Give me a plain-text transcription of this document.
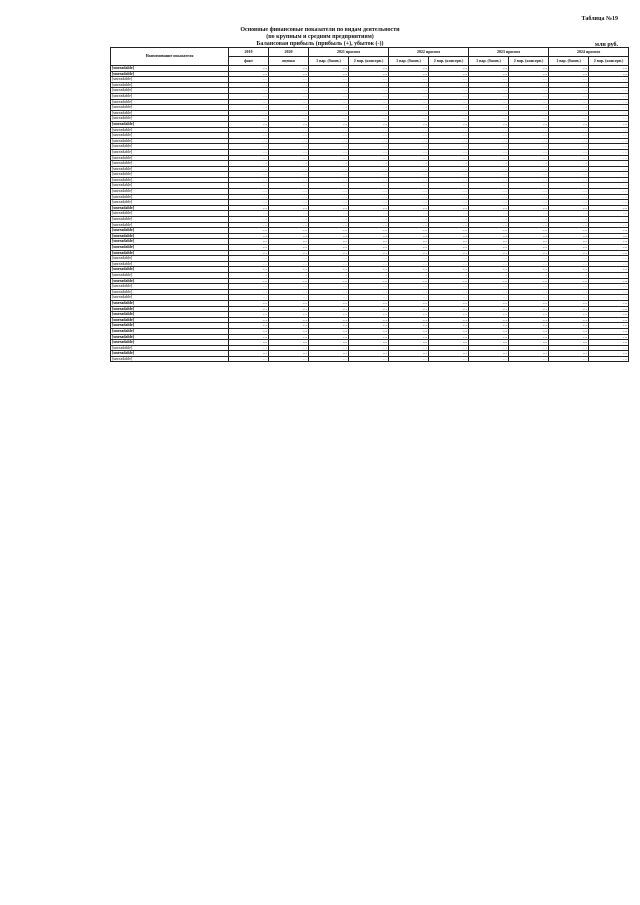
Таблица №19
Основные финансовые показатели по видам деятельности
(по крупным и средним предприятиям)
Балансовая прибыль (прибыль (+), убыток (-))	млн руб.
Наименование показателя	2019	2020	2021 прогноз		2022 прогноз		2023 прогноз		2024 прогноз	
	факт	оценка	1 вар. (базов.)	2 вар. (консерв.)	1 вар. (базов.)	2 вар. (консерв.)	1 вар. (базов.)	2 вар. (консерв.)	1 вар. (базов.)	2 вар. (консерв.)
[unreadable]	…	…	…	…	…	…	…	…	…	…
[unreadable]	…	…	…	…	…	…	…	…	…	…
[unreadable]	…	…	…	…	…	…	…	…	…	…
[unreadable]	…	…	…	…	…	…	…	…	…	…
[unreadable]	…	…	…	…	…	…	…	…	…	…
[unreadable]	…	…	…	…	…	…	…	…	…	…
[unreadable]	…	…	…	…	…	…	…	…	…	…
[unreadable]	…	…	…	…	…	…	…	…	…	…
[unreadable]	…	…	…	…	…	…	…	…	…	…
[unreadable]	…	…	…	…	…	…	…	…	…	…
[unreadable]	…	…	…	…	…	…	…	…	…	…
[unreadable]	…	…	…	…	…	…	…	…	…	…
[unreadable]	…	…	…	…	…	…	…	…	…	…
[unreadable]	…	…	…	…	…	…	…	…	…	…
[unreadable]	…	…	…	…	…	…	…	…	…	…
[unreadable]	…	…	…	…	…	…	…	…	…	…
[unreadable]	…	…	…	…	…	…	…	…	…	…
[unreadable]	…	…	…	…	…	…	…	…	…	…
[unreadable]	…	…	…	…	…	…	…	…	…	…
[unreadable]	…	…	…	…	…	…	…	…	…	…
[unreadable]	…	…	…	…	…	…	…	…	…	…
[unreadable]	…	…	…	…	…	…	…	…	…	…
[unreadable]	…	…	…	…	…	…	…	…	…	…
[unreadable]	…	…	…	…	…	…	…	…	…	…
[unreadable]	…	…	…	…	…	…	…	…	…	…
[unreadable]	…	…	…	…	…	…	…	…	…	…
[unreadable]	…	…	…	…	…	…	…	…	…	…
[unreadable]	…	…	…	…	…	…	…	…	…	…
[unreadable]	…	…	…	…	…	…	…	…	…	…
[unreadable]	…	…	…	…	…	…	…	…	…	…
[unreadable]	…	…	…	…	…	…	…	…	…	…
[unreadable]	…	…	…	…	…	…	…	…	…	…
[unreadable]	…	…	…	…	…	…	…	…	…	…
[unreadable]	…	…	…	…	…	…	…	…	…	…
[unreadable]	…	…	…	…	…	…	…	…	…	…
[unreadable]	…	…	…	…	…	…	…	…	…	…
[unreadable]	…	…	…	…	…	…	…	…	…	…
[unreadable]	…	…	…	…	…	…	…	…	…	…
[unreadable]	…	…	…	…	…	…	…	…	…	…
[unreadable]	…	…	…	…	…	…	…	…	…	…
[unreadable]	…	…	…	…	…	…	…	…	…	…
[unreadable]	…	…	…	…	…	…	…	…	…	…
[unreadable]	…	…	…	…	…	…	…	…	…	…
[unreadable]	…	…	…	…	…	…	…	…	…	…
[unreadable]	…	…	…	…	…	…	…	…	…	…
[unreadable]	…	…	…	…	…	…	…	…	…	…
[unreadable]	…	…	…	…	…	…	…	…	…	…
[unreadable]	…	…	…	…	…	…	…	…	…	…
[unreadable]	…	…	…	…	…	…	…	…	…	…
[unreadable]	…	…	…	…	…	…	…	…	…	…
[unreadable]	…	…	…	…	…	…	…	…	…	…
[unreadable]	…	…	…	…	…	…	…	…	…	…
[unreadable]	…	…	…	…	…	…	…	…	…	…
